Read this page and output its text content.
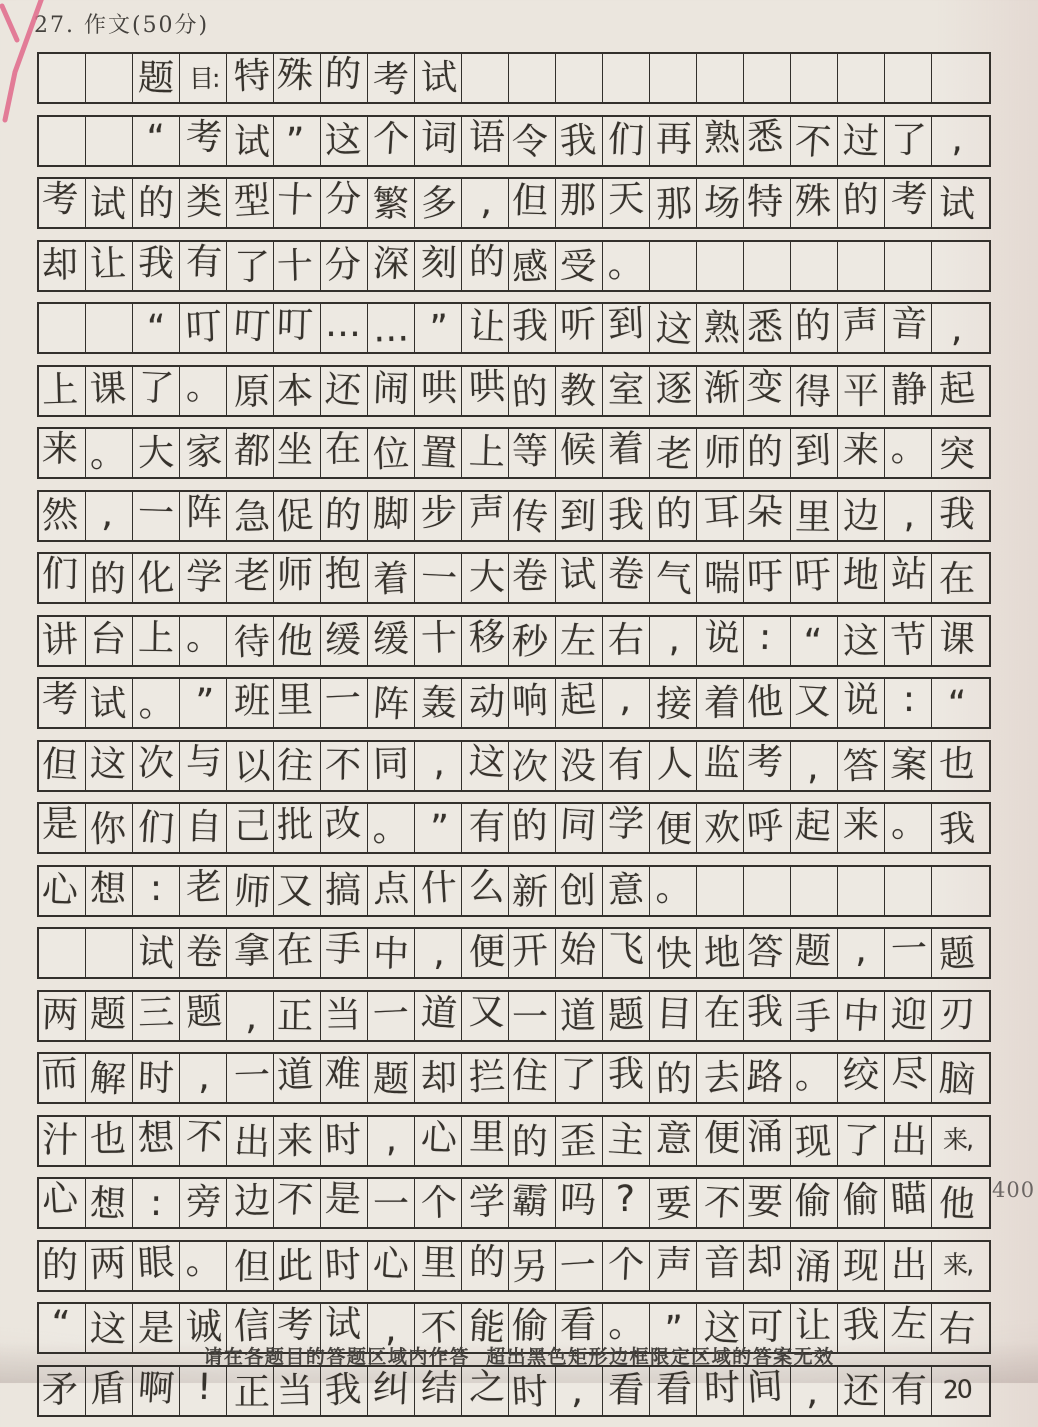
27. 作文(50分)
题 目: 特 殊 的 考 试
“ 考 试 ” 这 个 词 语 令 我 们 再 熟 悉 不 过 了 ,
考 试 的 类 型 十 分 繁 多 , 但 那 天 那 场 特 殊 的 考 试
却 让 我 有 了 十 分 深 刻 的 感 受 。
“ 叮 叮 叮 … … ” 让 我 听 到 这 熟 悉 的 声 音 ,
上 课 了 。 原 本 还 闹 哄 哄 的 教 室 逐 渐 变 得 平 静 起
来 。 大 家 都 坐 在 位 置 上 等 候 着 老 师 的 到 来 。 突
然 , 一 阵 急 促 的 脚 步 声 传 到 我 的 耳 朵 里 边 , 我
们 的 化 学 老 师 抱 着 一 大 卷 试 卷 气 喘 吁 吁 地 站 在
讲 台 上 。 待 他 缓 缓 十 移 秒 左 右 , 说 : “ 这 节 课
考 试 。 ” 班 里 一 阵 轰 动 响 起 , 接 着 他 又 说 : “
但 这 次 与 以 往 不 同 , 这 次 没 有 人 监 考 , 答 案 也
是 你 们 自 己 批 改 。 ” 有 的 同 学 便 欢 呼 起 来 。 我
心 想 : 老 师 又 搞 点 什 么 新 创 意 。
试 卷 拿 在 手 中 , 便 开 始 飞 快 地 答 题 , 一 题
两 题 三 题 , 正 当 一 道 又 一 道 题 目 在 我 手 中 迎 刃
而 解 时 , 一 道 难 题 却 拦 住 了 我 的 去 路 。 绞 尽 脑
汁 也 想 不 出 来 时 , 心 里 的 歪 主 意 便 涌 现 了 出 来,
心 想 : 旁 边 不 是 一 个 学 霸 吗 ? 要 不 要 偷 偷 瞄 他
的 两 眼 。 但 此 时 心 里 的 另 一 个 声 音 却 涌 现 出 来,
“ 这 是 诚 信 考 试 , 不 能 偷 看 。 ” 这 可 让 我 左 右
矛 盾 啊 ! 正 当 我 纠 结 之 时 , 看 看 时 间 , 还 有 20
400
请在各题目的答题区域内作答  超出黑色矩形边框限定区域的答案无效
